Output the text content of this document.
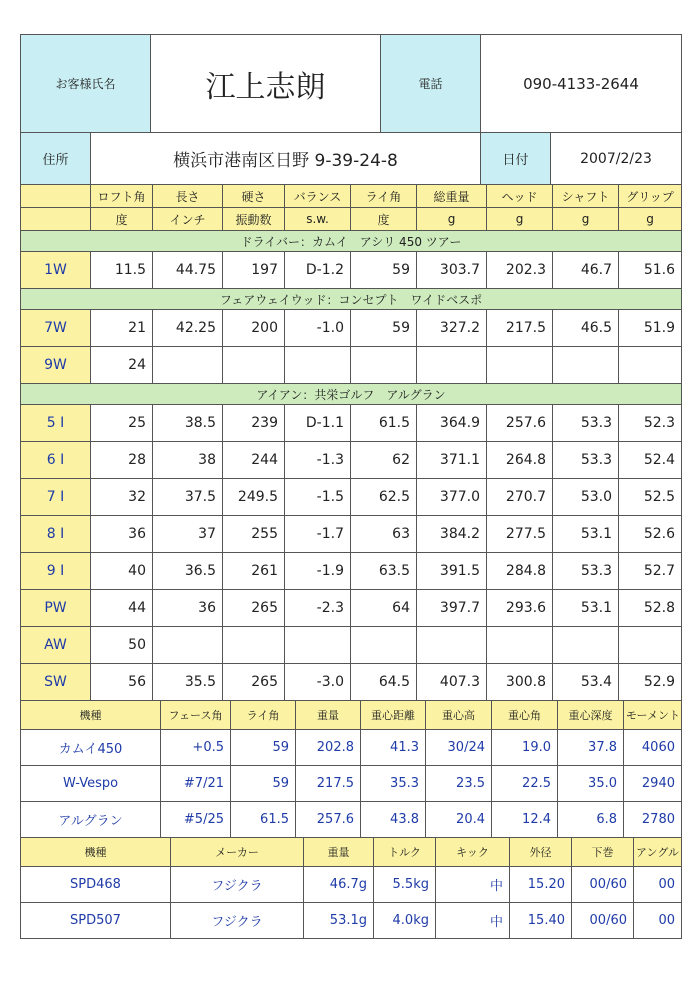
お客様氏名	江上志朗	電話	090-4133-2644
住所	横浜市港南区日野 9-39-24-8	日付	2007/2/23
	ロフト角	長さ	硬さ	バランス	ライ角	総重量	ヘッド	シャフト	グリップ
	度	インチ	振動数	s.w.	度	g	g	g	g
ドライバー：カムイ　アシリ 450 ツアー									
1W	11.5	44.75	197	D-1.2	59	303.7	202.3	46.7	51.6
フェアウェイウッド：コンセプト　ワイドベスポ									
7W	21	42.25	200	-1.0	59	327.2	217.5	46.5	51.9
9W	24								
アイアン：共栄ゴルフ　アルグラン									
5 I	25	38.5	239	D-1.1	61.5	364.9	257.6	53.3	52.3
6 I	28	38	244	-1.3	62	371.1	264.8	53.3	52.4
7 I	32	37.5	249.5	-1.5	62.5	377.0	270.7	53.0	52.5
8 I	36	37	255	-1.7	63	384.2	277.5	53.1	52.6
9 I	40	36.5	261	-1.9	63.5	391.5	284.8	53.3	52.7
PW	44	36	265	-2.3	64	397.7	293.6	53.1	52.8
AW	50								
SW	56	35.5	265	-3.0	64.5	407.3	300.8	53.4	52.9
機種	フェース角	ライ角	重量	重心距離	重心高	重心角	重心深度	モーメント
カムイ450	+0.5	59	202.8	41.3	30/24	19.0	37.8	4060
W-Vespo	#7/21	59	217.5	35.3	23.5	22.5	35.0	2940
アルグラン	#5/25	61.5	257.6	43.8	20.4	12.4	6.8	2780
機種	メーカー	重量	トルク	キック	外径	下巻	アングル
SPD468	フジクラ	46.7g	5.5kg	中	15.20	00/60	00
SPD507	フジクラ	53.1g	4.0kg	中	15.40	00/60	00
